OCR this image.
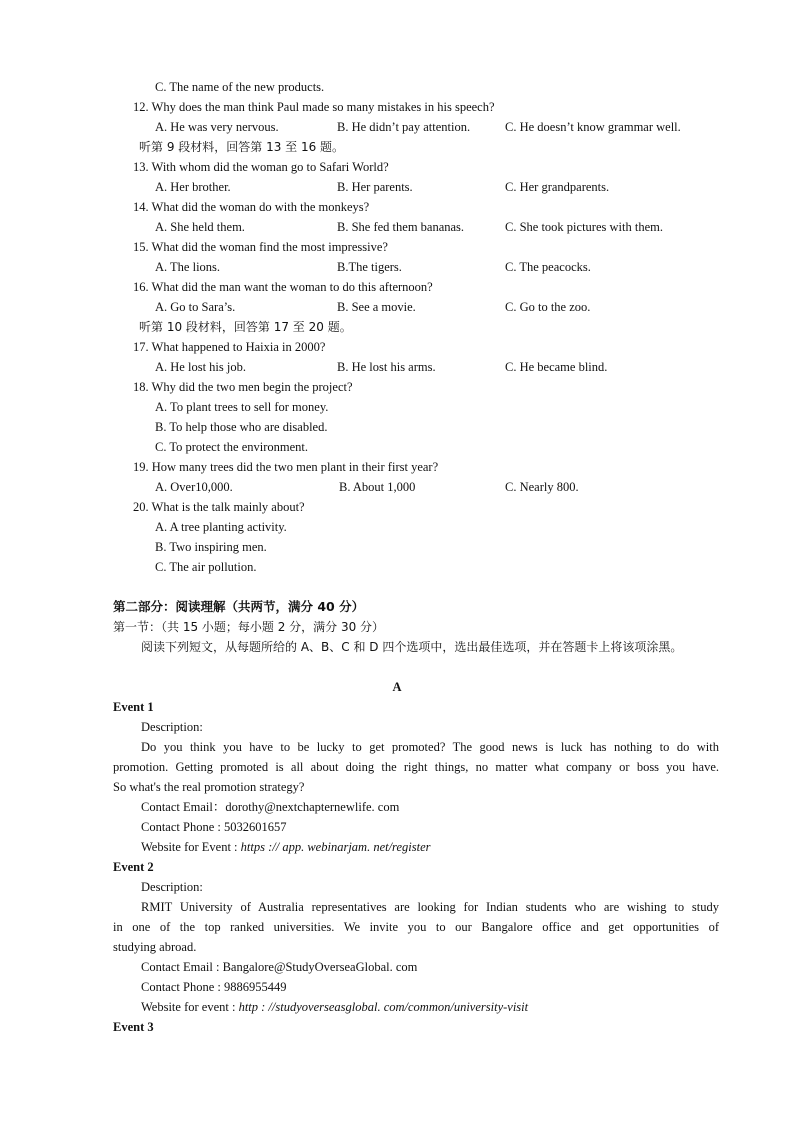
C. The name of the new products.
12. Why does the man think Paul made so many mistakes in his speech?
A. He was very nervous.	B. He didn’t pay attention.	C. He doesn’t know grammar well.
听第 9 段材料，回答第 13 至 16 题。
13. With whom did the woman go to Safari World?
A. Her brother.	B. Her parents.	C. Her grandparents.
14. What did the woman do with the monkeys?
A. She held them.	B. She fed them bananas.	C. She took pictures with them.
15. What did the woman find the most impressive?
A. The lions.	B.The tigers.	C. The peacocks.
16. What did the man want the woman to do this afternoon?
A. Go to Sara’s.	B. See a movie.	C. Go to the zoo.
听第 10 段材料，回答第 17 至 20 题。
17. What happened to Haixia in 2000?
A. He lost his job.	B. He lost his arms.	C. He became blind.
18. Why did the two men begin the project?
A. To plant trees to sell for money.
B. To help those who are disabled.
C. To protect the environment.
19. How many trees did the two men plant in their first year?
A. Over10,000.	B. About 1,000	C. Nearly 800.
20. What is the talk mainly about?
A. A tree planting activity.
B. Two inspiring men.
C. The air pollution.
第二部分：阅读理解（共两节，满分 40 分）
第一节：（共 15 小题；每小题 2 分，满分 30 分）
阅读下列短文，从每题所给的 A、B、C 和 D 四个选项中，选出最佳选项，并在答题卡上将该项涂黑。
A
Event 1
Description:
Do you think you have to be lucky to get promoted? The good news is luck has nothing to do with
promotion. Getting promoted is all about doing the right things, no matter what company or boss you have.
So what's the real promotion strategy?
Contact Email：dorothy@nextchapternewlife. com
Contact Phone : 5032601657
Website for Event : https :// app. webinarjam. net/register
Event 2
Description:
RMIT University of Australia representatives are looking for Indian students who are wishing to study
in one of the top ranked universities. We invite you to our Bangalore office and get opportunities of
studying abroad.
Contact Email : Bangalore@StudyOverseaGlobal. com
Contact Phone : 9886955449
Website for event : http : //studyoverseasglobal. com/common/university-visit
Event 3
